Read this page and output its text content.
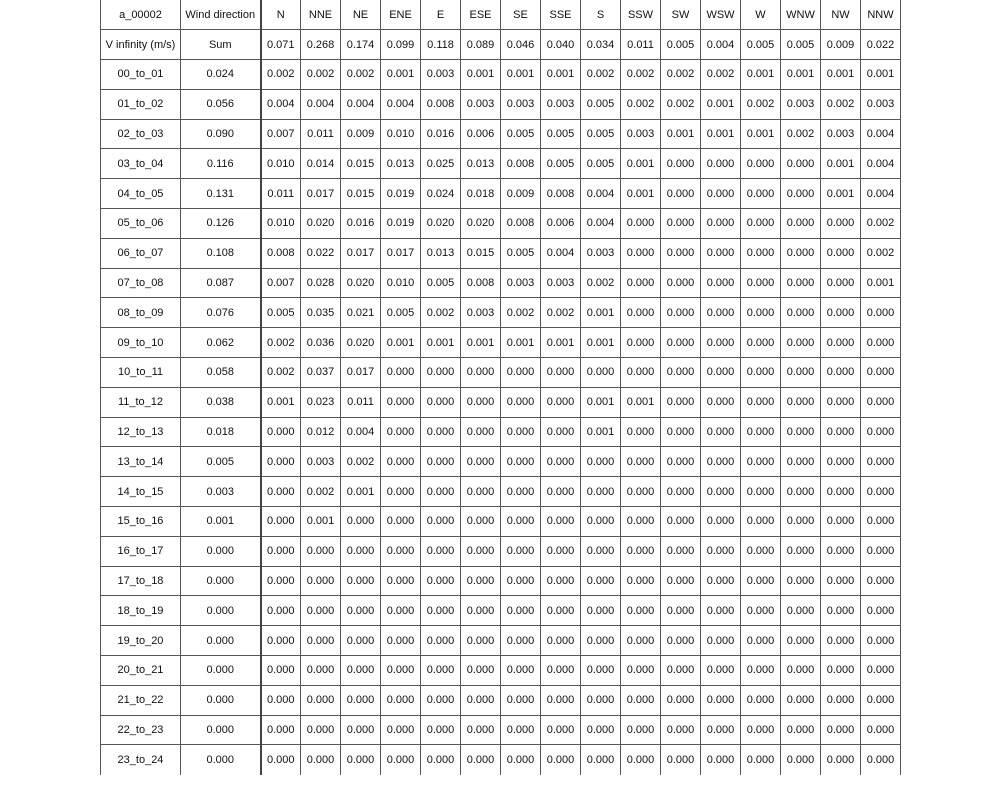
a_00002	Wind direction	N	NNE	NE	ENE	E	ESE	SE	SSE	S	SSW	SW	WSW	W	WNW	NW	NNW
V infinity (m/s)	Sum	0.071	0.268	0.174	0.099	0.118	0.089	0.046	0.040	0.034	0.011	0.005	0.004	0.005	0.005	0.009	0.022
00_to_01	0.024	0.002	0.002	0.002	0.001	0.003	0.001	0.001	0.001	0.002	0.002	0.002	0.002	0.001	0.001	0.001	0.001
01_to_02	0.056	0.004	0.004	0.004	0.004	0.008	0.003	0.003	0.003	0.005	0.002	0.002	0.001	0.002	0.003	0.002	0.003
02_to_03	0.090	0.007	0.011	0.009	0.010	0.016	0.006	0.005	0.005	0.005	0.003	0.001	0.001	0.001	0.002	0.003	0.004
03_to_04	0.116	0.010	0.014	0.015	0.013	0.025	0.013	0.008	0.005	0.005	0.001	0.000	0.000	0.000	0.000	0.001	0.004
04_to_05	0.131	0.011	0.017	0.015	0.019	0.024	0.018	0.009	0.008	0.004	0.001	0.000	0.000	0.000	0.000	0.001	0.004
05_to_06	0.126	0.010	0.020	0.016	0.019	0.020	0.020	0.008	0.006	0.004	0.000	0.000	0.000	0.000	0.000	0.000	0.002
06_to_07	0.108	0.008	0.022	0.017	0.017	0.013	0.015	0.005	0.004	0.003	0.000	0.000	0.000	0.000	0.000	0.000	0.002
07_to_08	0.087	0.007	0.028	0.020	0.010	0.005	0.008	0.003	0.003	0.002	0.000	0.000	0.000	0.000	0.000	0.000	0.001
08_to_09	0.076	0.005	0.035	0.021	0.005	0.002	0.003	0.002	0.002	0.001	0.000	0.000	0.000	0.000	0.000	0.000	0.000
09_to_10	0.062	0.002	0.036	0.020	0.001	0.001	0.001	0.001	0.001	0.001	0.000	0.000	0.000	0.000	0.000	0.000	0.000
10_to_11	0.058	0.002	0.037	0.017	0.000	0.000	0.000	0.000	0.000	0.000	0.000	0.000	0.000	0.000	0.000	0.000	0.000
11_to_12	0.038	0.001	0.023	0.011	0.000	0.000	0.000	0.000	0.000	0.001	0.001	0.000	0.000	0.000	0.000	0.000	0.000
12_to_13	0.018	0.000	0.012	0.004	0.000	0.000	0.000	0.000	0.000	0.001	0.000	0.000	0.000	0.000	0.000	0.000	0.000
13_to_14	0.005	0.000	0.003	0.002	0.000	0.000	0.000	0.000	0.000	0.000	0.000	0.000	0.000	0.000	0.000	0.000	0.000
14_to_15	0.003	0.000	0.002	0.001	0.000	0.000	0.000	0.000	0.000	0.000	0.000	0.000	0.000	0.000	0.000	0.000	0.000
15_to_16	0.001	0.000	0.001	0.000	0.000	0.000	0.000	0.000	0.000	0.000	0.000	0.000	0.000	0.000	0.000	0.000	0.000
16_to_17	0.000	0.000	0.000	0.000	0.000	0.000	0.000	0.000	0.000	0.000	0.000	0.000	0.000	0.000	0.000	0.000	0.000
17_to_18	0.000	0.000	0.000	0.000	0.000	0.000	0.000	0.000	0.000	0.000	0.000	0.000	0.000	0.000	0.000	0.000	0.000
18_to_19	0.000	0.000	0.000	0.000	0.000	0.000	0.000	0.000	0.000	0.000	0.000	0.000	0.000	0.000	0.000	0.000	0.000
19_to_20	0.000	0.000	0.000	0.000	0.000	0.000	0.000	0.000	0.000	0.000	0.000	0.000	0.000	0.000	0.000	0.000	0.000
20_to_21	0.000	0.000	0.000	0.000	0.000	0.000	0.000	0.000	0.000	0.000	0.000	0.000	0.000	0.000	0.000	0.000	0.000
21_to_22	0.000	0.000	0.000	0.000	0.000	0.000	0.000	0.000	0.000	0.000	0.000	0.000	0.000	0.000	0.000	0.000	0.000
22_to_23	0.000	0.000	0.000	0.000	0.000	0.000	0.000	0.000	0.000	0.000	0.000	0.000	0.000	0.000	0.000	0.000	0.000
23_to_24	0.000	0.000	0.000	0.000	0.000	0.000	0.000	0.000	0.000	0.000	0.000	0.000	0.000	0.000	0.000	0.000	0.000
